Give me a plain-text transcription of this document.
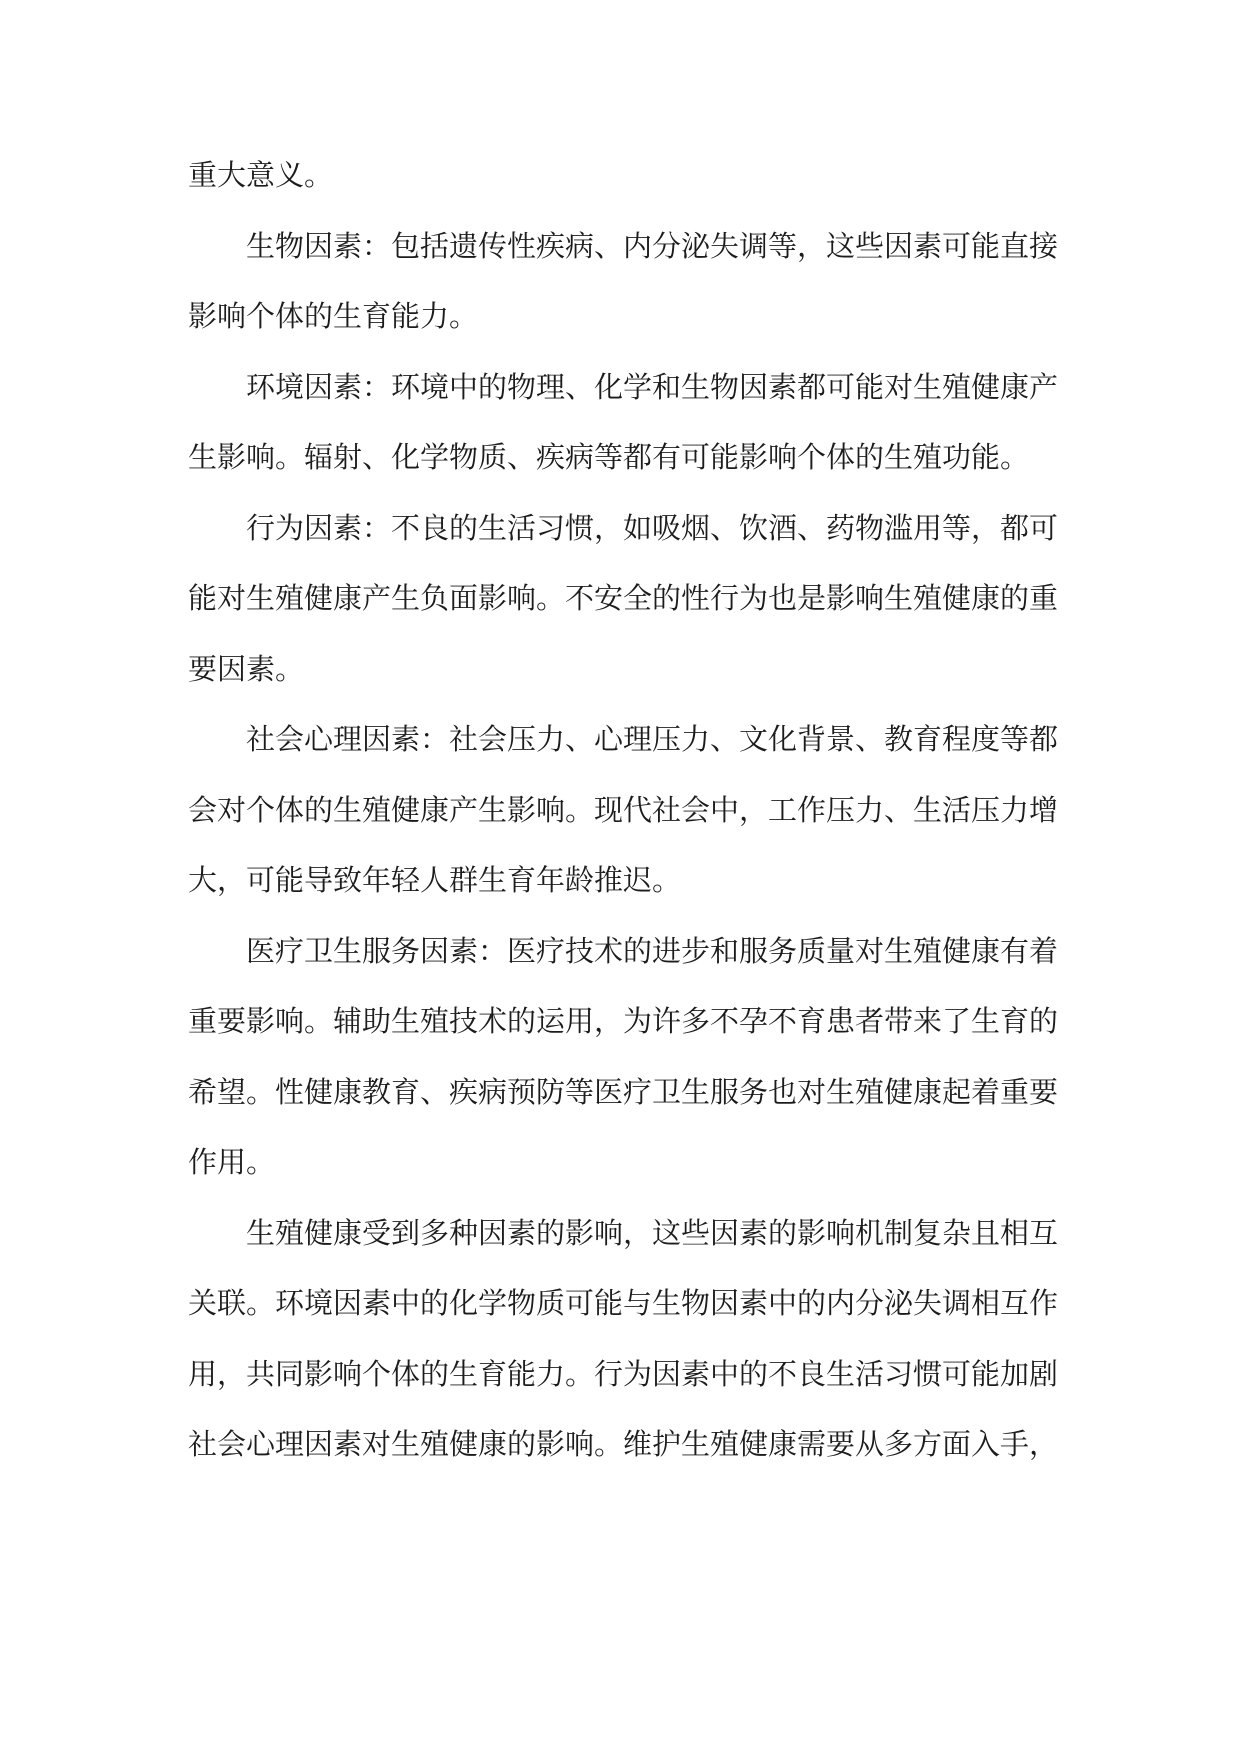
重大意义。

生物因素：包括遗传性疾病、内分泌失调等，这些因素可能直接影响个体的生育能力。

环境因素：环境中的物理、化学和生物因素都可能对生殖健康产生影响。辐射、化学物质、疾病等都有可能影响个体的生殖功能。

行为因素：不良的生活习惯，如吸烟、饮酒、药物滥用等，都可能对生殖健康产生负面影响。不安全的性行为也是影响生殖健康的重要因素。

社会心理因素：社会压力、心理压力、文化背景、教育程度等都会对个体的生殖健康产生影响。现代社会中，工作压力、生活压力增大，可能导致年轻人群生育年龄推迟。

医疗卫生服务因素：医疗技术的进步和服务质量对生殖健康有着重要影响。辅助生殖技术的运用，为许多不孕不育患者带来了生育的希望。性健康教育、疾病预防等医疗卫生服务也对生殖健康起着重要作用。

生殖健康受到多种因素的影响，这些因素的影响机制复杂且相互关联。环境因素中的化学物质可能与生物因素中的内分泌失调相互作用，共同影响个体的生育能力。行为因素中的不良生活习惯可能加剧社会心理因素对生殖健康的影响。维护生殖健康需要从多方面入手，
